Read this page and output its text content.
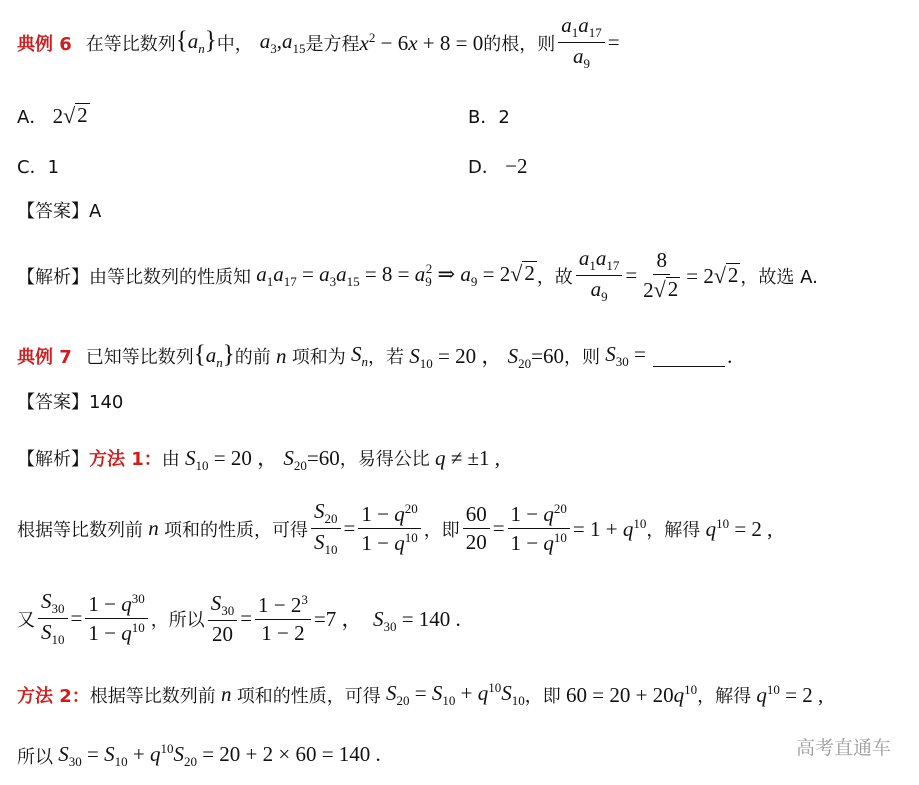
典例 6 在等比数列 $\{a_n\}$ 中， $a_3,a_{15}$ 是方程 $x^2 - 6x + 8 = 0$ 的根，则 $\frac{a_1a_{17}}{a_9}$ =
A． 2 √ 2	B．2
C．1	D． −2
【答案】A
【解析】 由等比数列的性质知 $a_1a_{17} = a_3a_{15} = 8 = a_9^2$ ⇒ $a_9 = 2$ √ 2 ，故 $\frac{a_1a_{17}}{a_9} = \frac{8}{2 √ 2} = 2$ √ 2 ，故选 A.
典例 7 已知等比数列 $\{a_n\}$ 的前 n 项和为 $S_n$ ，若 $S_{10} = 20$ ， $S_{20}=60$ ，则 $S_{30}$ =	.
【答案】140
【解析】 方法 1： 由 $S_{10} = 20$ ， $S_{20}=60$ ，易得公比 q ≠ ±1 ,
根据等比数列前 n 项和的性质，可得 $\frac{S_{20}}{S_{10}} = \frac{1 - q^{20}}{1 - q^{10}}$ ，即 $\frac{60}{20} = \frac{1 - q^{20}}{1 - q^{10}} = 1 + q^{10}$ ，解得 $q^{10} = 2$ ,
又 $\frac{S_{30}}{S_{10}} = \frac{1 - q^{30}}{1 - q^{10}}$ ，所以 $\frac{S_{30}}{20} = \frac{1 - 2^3}{1 - 2} =7$ ，  $S_{30} = 140$ .
方法 2： 根据等比数列前 n 项和的性质，可得 $S_{20} = S_{10} + q^{10}S_{10}$ ，即 $60 = 20 + 20q^{10}$ ，解得 $q^{10} = 2$ ,
所以 $S_{30} = S_{10} + q^{10}S_{20} = 20 + 2 \times 60 = 140$ .	高考直通车
